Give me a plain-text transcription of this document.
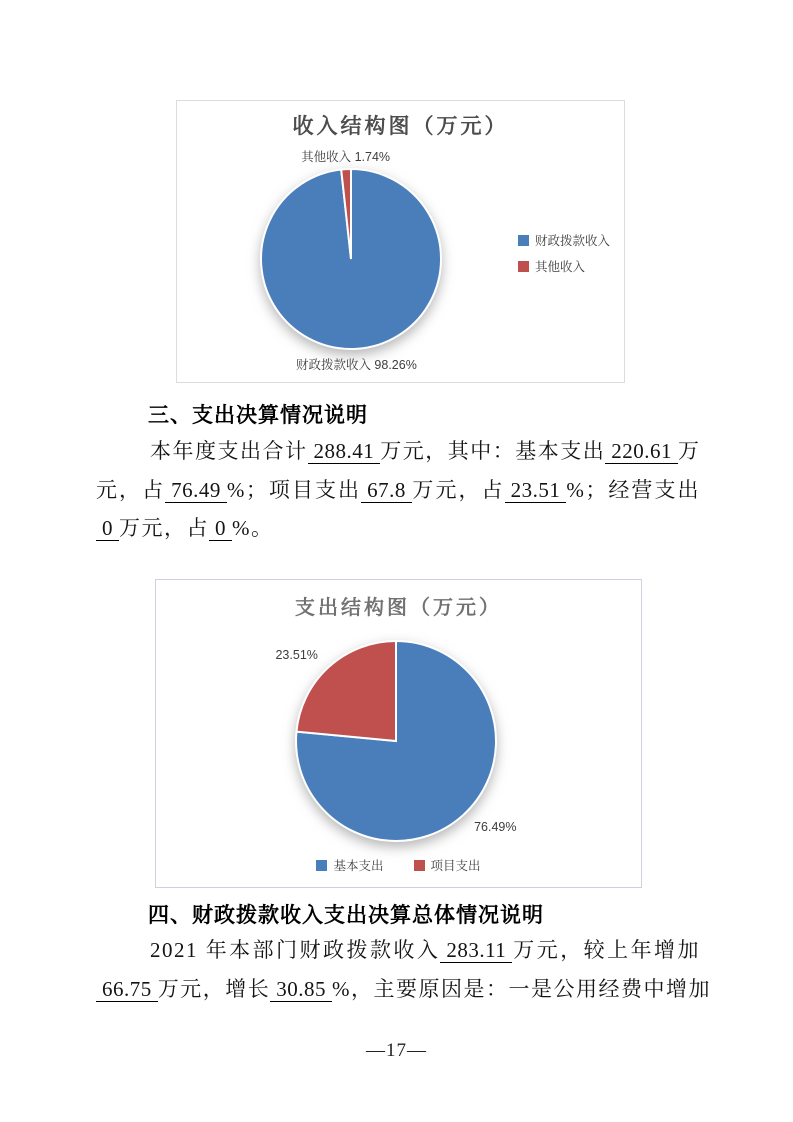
收入结构图（万元）
财政拨款收入 98.26%
其他收入 1.74%
财政拨款收入
其他收入
三、支出决算情况说明
本年度支出合计 288.41 万元，其中：基本支出 220.61 万
元，占 76.49 %；项目支出 67.8 万元，占 23.51 %；经营支出
0 万元，占 0 %。
支出结构图（万元）
76.49%
23.51%
基本支出	项目支出
四、财政拨款收入支出决算总体情况说明
2021 年本部门财政拨款收入 283.11 万元，较上年增加
66.75 万元，增长 30.85 %，主要原因是：一是公用经费中增加
—17—
